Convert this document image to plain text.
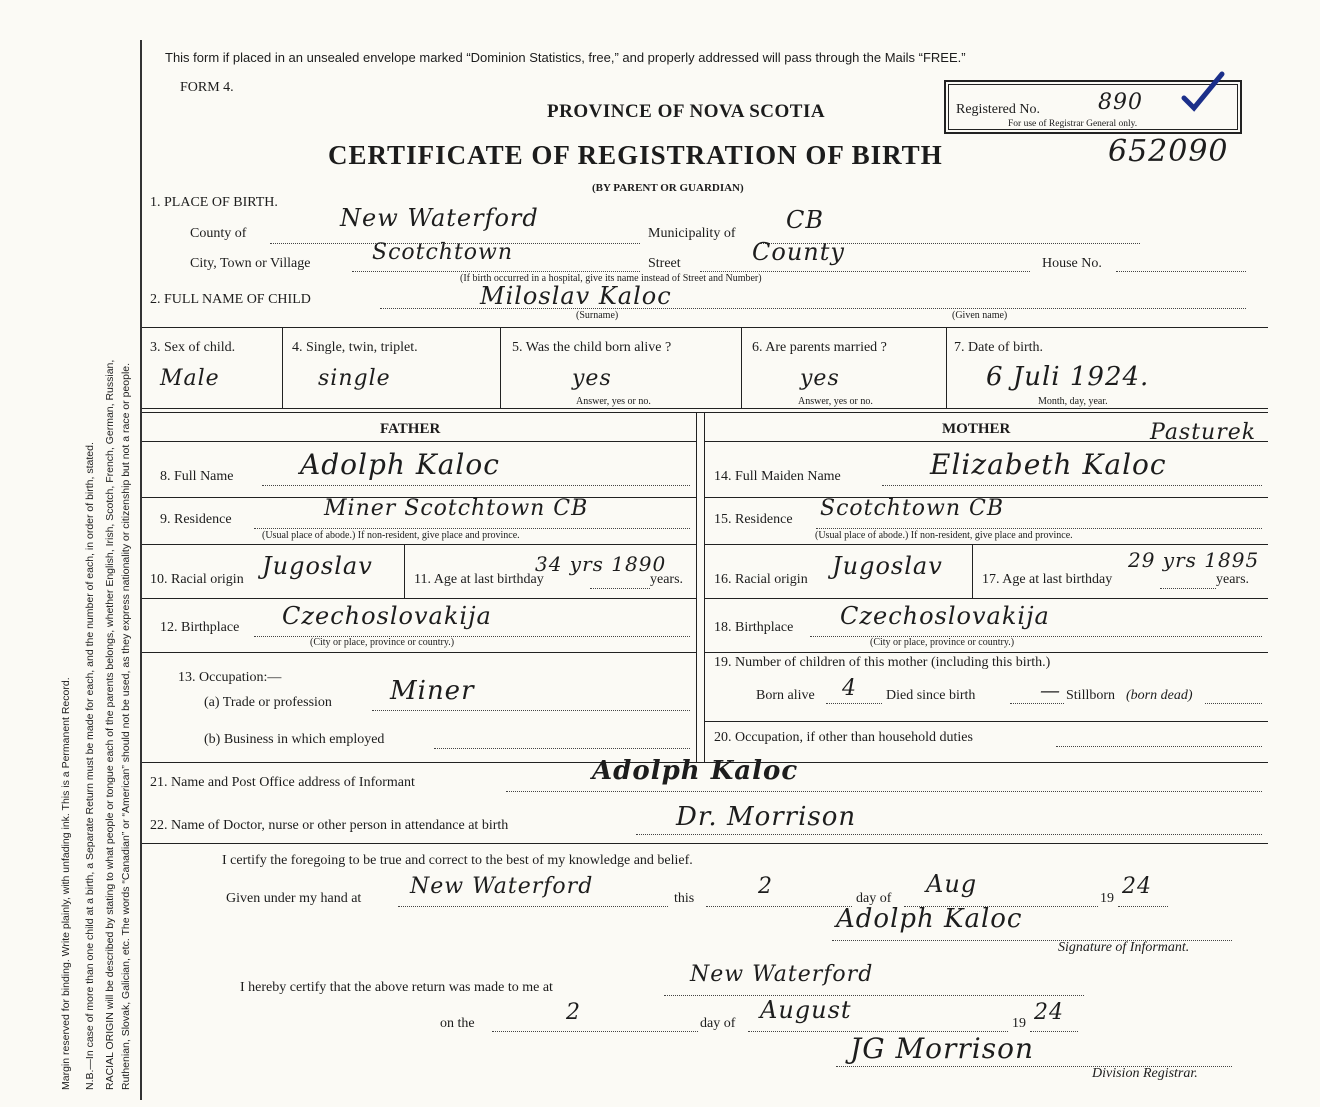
Margin reserved for binding. Write plainly, with unfading ink. This is a Permanent Record. N.B.—In case of more than one child at a birth, a Separate Return must be made for each, and the number of each, in order of birth, stated. RACIAL ORIGIN will be described by stating to what people or tongue each of the parents belongs, whether English, Irish, Scotch, French, German, Russian, Ruthenian, Slovak, Galician, etc. The words “Canadian” or “American” should not be used, as they express nationality or citizenship but not a race or people.
This form if placed in an unsealed envelope marked “Dominion Statistics, free,” and properly addressed will pass through the Mails “FREE.”
FORM 4.
PROVINCE OF NOVA SCOTIA
CERTIFICATE OF REGISTRATION OF BIRTH
(BY PARENT OR GUARDIAN)
652090
Registered No.	890
For use of Registrar General only.
1. PLACE OF BIRTH.
County of
New Waterford
Municipality of CB
City, Town or Village	Scotchtown	Street	County	House No.
(If birth occurred in a hospital, give its name instead of Street and Number)
2. FULL NAME OF CHILD	Miloslav Kaloc
(Surname)	(Given name)
3. Sex of child.
Male
4. Single, twin, triplet.
single
5. Was the child born alive ?
yes
Answer, yes or no.
6. Are parents married ?
yes
Answer, yes or no.
7. Date of birth.
6 Juli 1924.
Month, day, year.
FATHER
8. Full Name Adolph Kaloc
9. Residence	Miner Scotchtown CB
(Usual place of abode.) If non-resident, give place and province.
10. Racial origin Jugoslav	11. Age at last birthday
34 yrs 1890
years.
12. Birthplace Czechoslovakija
(City or place, province or country.)
13. Occupation:—
(a) Trade or profession Miner
(b) Business in which employed
MOTHER	Pasturek
14. Full Maiden Name	Elizabeth Kaloc
15. Residence Scotchtown CB
(Usual place of abode.) If non-resident, give place and province.
16. Racial origin Jugoslav	17. Age at last birthday
29 yrs 1895
years.
18. Birthplace Czechoslovakija
(City or place, province or country.)
19. Number of children of this mother (including this birth.)
Born alive 4 Died since birth	— Stillborn (born dead)
20. Occupation, if other than household duties
21. Name and Post Office address of Informant	Adolph Kaloc
22. Name of Doctor, nurse or other person in attendance at birth	Dr. Morrison
I certify the foregoing to be true and correct to the best of my knowledge and belief.
Given under my hand at New Waterford	this	2	day of
Aug
19 24
Adolph Kaloc
Signature of Informant.
I hereby certify that the above return was made to me at
New Waterford
on the	2	day of August	19 24
JG Morrison
Division Registrar.
